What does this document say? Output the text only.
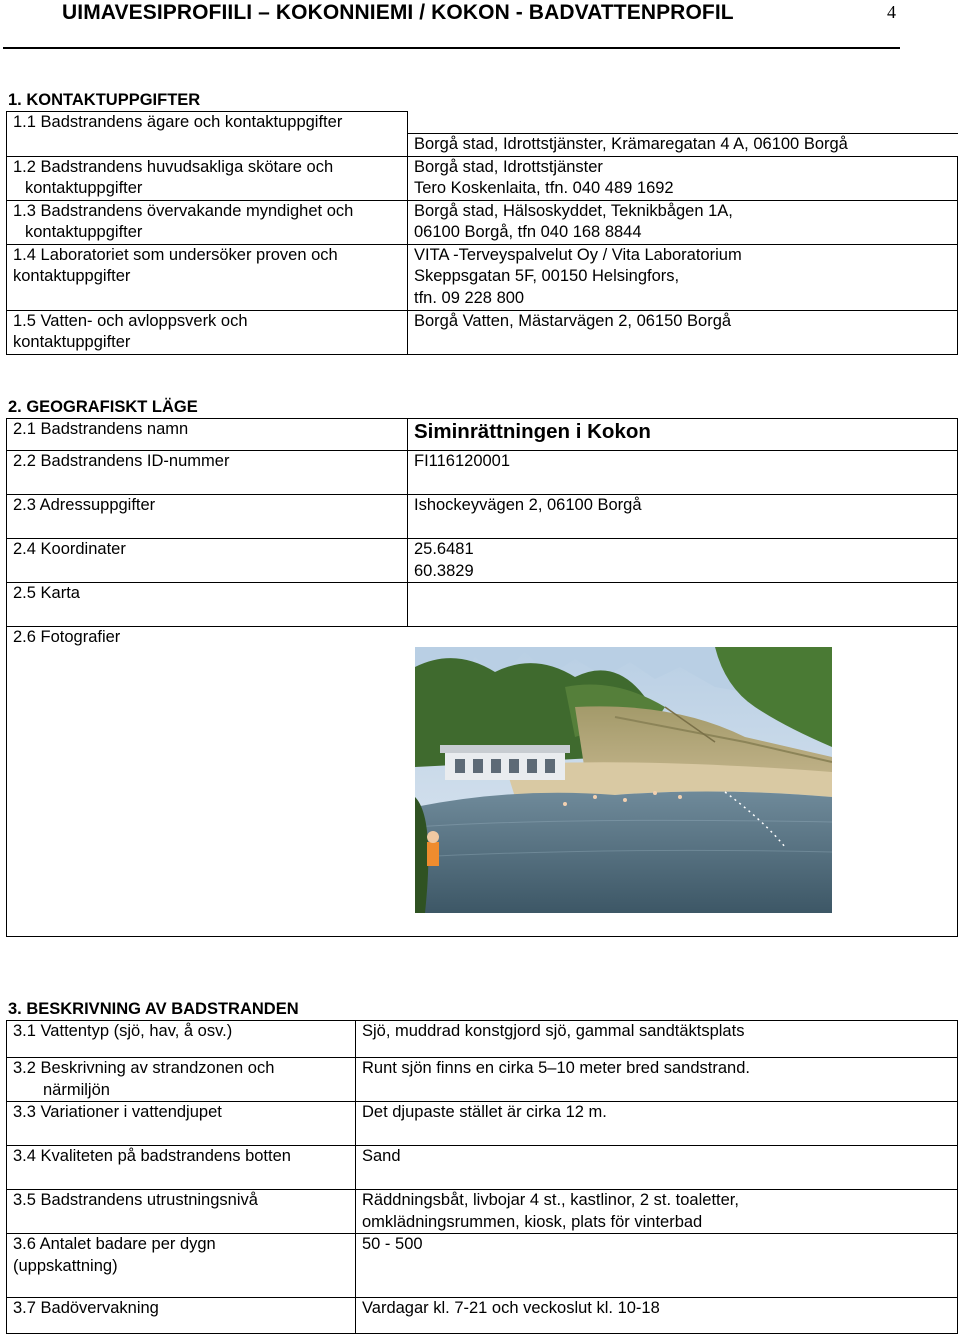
UIMAVESIPROFIILI – KOKONNIEMI / KOKON - BADVATTENPROFIL	4
1. KONTAKTUPPGIFTER
1.1 Badstrandens ägare och kontaktuppgifter	

	Borgå stad, Idrottstjänster, Krämaregatan 4 A, 06100 Borgå

1.2 Badstrandens huvudsakliga skötare och
kontaktuppgifter	Borgå stad, Idrottstjänster
Tero Koskenlaita, tfn. 040 489 1692

1.3 Badstrandens övervakande myndighet och
kontaktuppgifter	Borgå stad, Hälsoskyddet, Teknikbågen 1A,
06100 Borgå, tfn 040 168 8844

1.4 Laboratoriet som undersöker proven och
kontaktuppgifter	VITA -Terveyspalvelut Oy / Vita Laboratorium
Skeppsgatan 5F, 00150 Helsingfors,
tfn. 09 228 800

1.5 Vatten- och avloppsverk och
kontaktuppgifter	Borgå Vatten, Mästarvägen 2, 06150 Borgå
2. GEOGRAFISKT LÄGE
2.1 Badstrandens namn	Siminrättningen i Kokon

2.2 Badstrandens ID-nummer	FI116120001

2.3 Adressuppgifter	Ishockeyvägen 2, 06100 Borgå

2.4 Koordinater	25.6481
60.3829

2.5 Karta	

2.6 Fotografier	
3. BESKRIVNING AV BADSTRANDEN
3.1 Vattentyp (sjö, hav, å osv.)	Sjö, muddrad konstgjord sjö, gammal sandtäktsplats

3.2 Beskrivning av strandzonen och
närmiljön	Runt sjön finns en cirka 5–10 meter bred sandstrand.

3.3 Variationer i vattendjupet	Det djupaste stället är cirka 12 m.

3.4 Kvaliteten på badstrandens botten	Sand

3.5 Badstrandens utrustningsnivå	Räddningsbåt, livbojar 4 st., kastlinor, 2 st. toaletter,
omklädningsrummen, kiosk, plats för vinterbad

3.6 Antalet badare per dygn
(uppskattning)	50 - 500

3.7 Badövervakning	Vardagar kl. 7-21 och veckoslut kl. 10-18
